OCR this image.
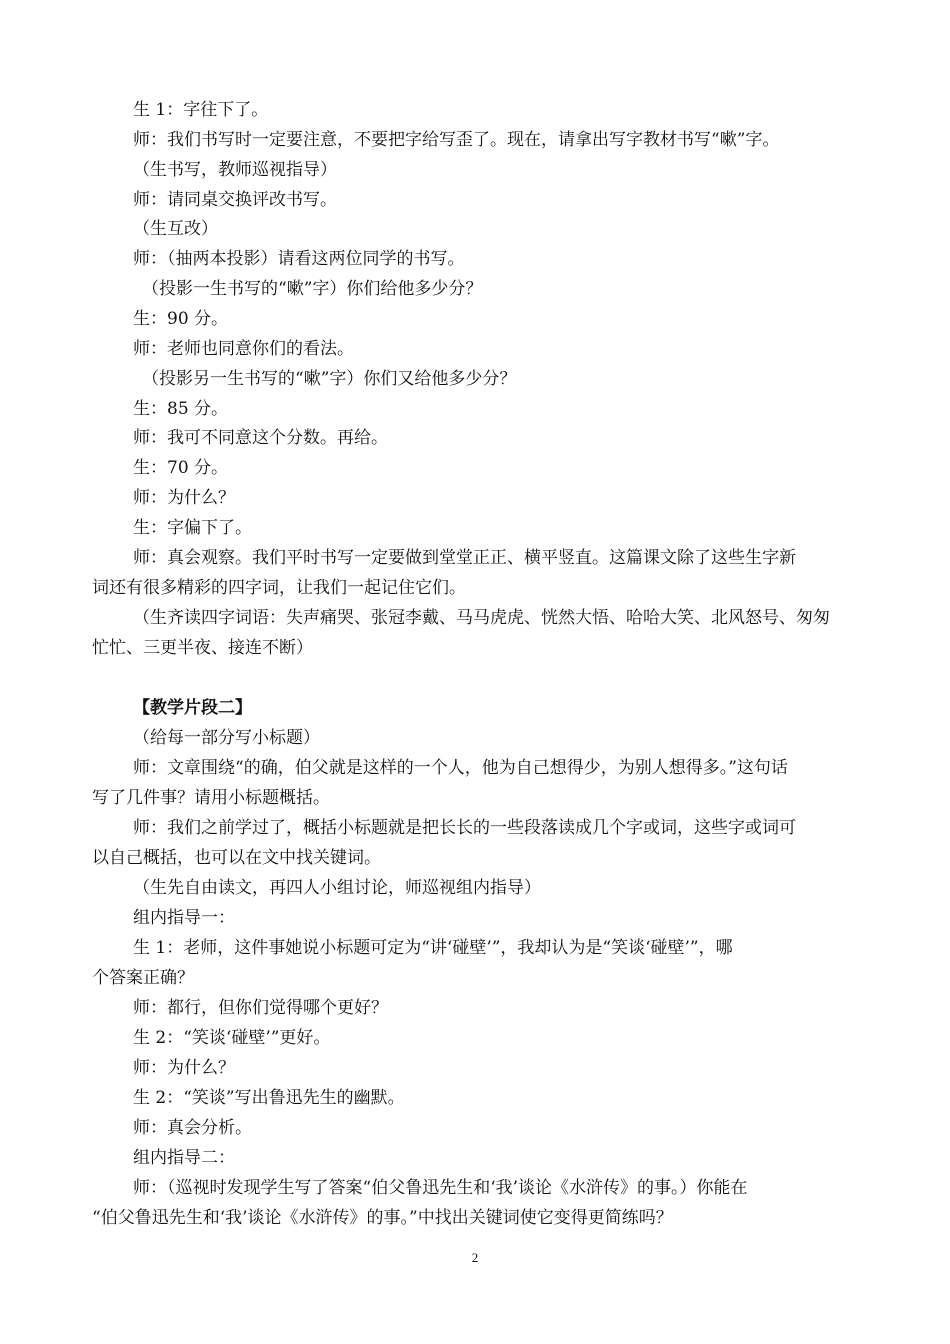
生 1：字往下了。
师：我们书写时一定要注意，不要把字给写歪了。现在，请拿出写字教材书写“嗽”字。
（生书写，教师巡视指导）
师：请同桌交换评改书写。
（生互改）
师：（抽两本投影）请看这两位同学的书写。
（投影一生书写的“嗽”字）你们给他多少分？
生：90 分。
师：老师也同意你们的看法。
（投影另一生书写的“嗽”字）你们又给他多少分？
生：85 分。
师：我可不同意这个分数。再给。
生：70 分。
师：为什么？
生：字偏下了。
师：真会观察。我们平时书写一定要做到堂堂正正、横平竖直。这篇课文除了这些生字新
词还有很多精彩的四字词，让我们一起记住它们。
（生齐读四字词语：失声痛哭、张冠李戴、马马虎虎、恍然大悟、哈哈大笑、北风怒号、匆匆
忙忙、三更半夜、接连不断）
【教学片段二】
（给每一部分写小标题）
师：文章围绕“的确，伯父就是这样的一个人，他为自己想得少，为别人想得多。”这句话
写了几件事？请用小标题概括。
师：我们之前学过了，概括小标题就是把长长的一些段落读成几个字或词，这些字或词可
以自己概括，也可以在文中找关键词。
（生先自由读文，再四人小组讨论，师巡视组内指导）
组内指导一：
生 1：老师，这件事她说小标题可定为“讲‘碰壁’”，我却认为是“笑谈‘碰壁’”，哪
个答案正确？
师：都行，但你们觉得哪个更好？
生 2：“笑谈‘碰壁’”更好。
师：为什么？
生 2：“笑谈”写出鲁迅先生的幽默。
师：真会分析。
组内指导二：
师：（巡视时发现学生写了答案“伯父鲁迅先生和‘我’谈论《水浒传》的事。）你能在
“伯父鲁迅先生和‘我’谈论《水浒传》的事。”中找出关键词使它变得更简练吗？
2
